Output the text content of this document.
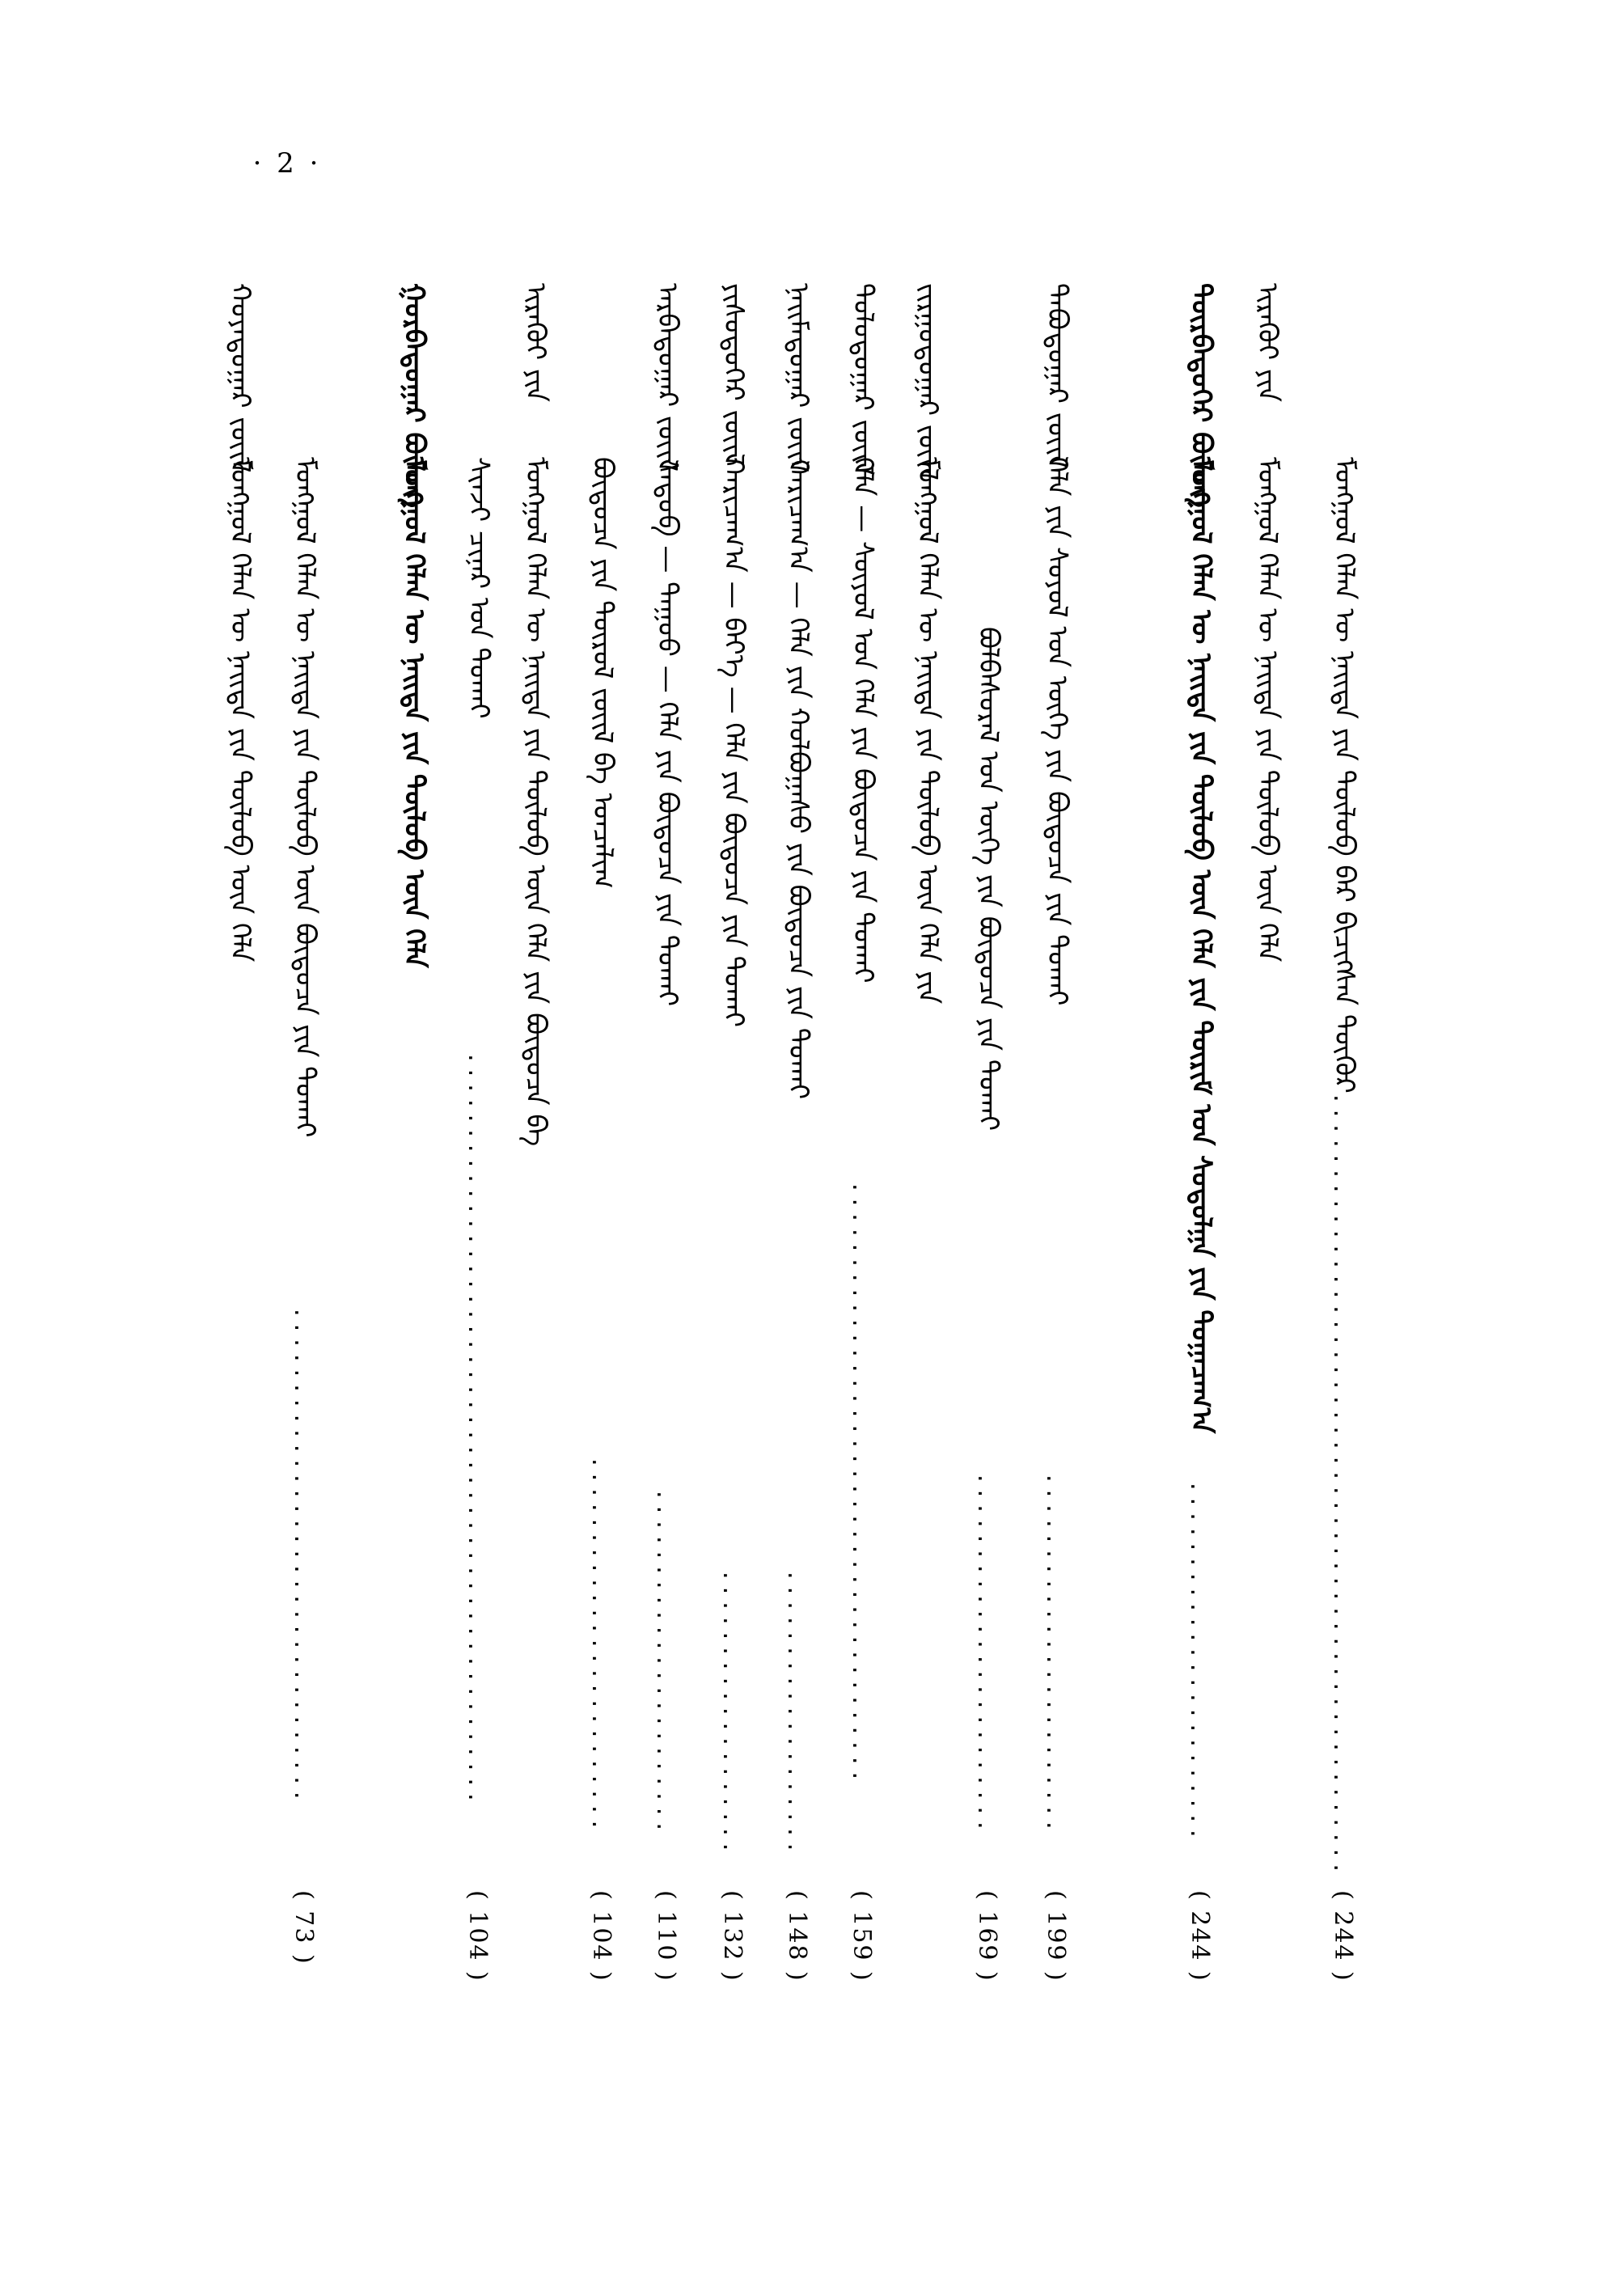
· 2 ·
ᠮᠣᠩᠭᠣᠯ ᠬᠡᠯᠡᠨ ᠦ ᠨᠡᠢᠲᠡ ᠶᠢᠨ ᠲᠥᠯᠥᠪ ᠪᠡᠷ ᠪᠢᠴᠢᠭᠰᠡᠨ ᠳᠦᠭᠦᠷ
....................................................
( 244 )
ᠢᠷᠡᠬᠦᠢ ᠶᠢᠨ
ᠮᠣᠩᠭᠣᠯ ᠬᠡᠯᠡᠨ ᠦ ᠨᠡᠢᠲᠡ ᠶᠢᠨ ᠲᠥᠯᠥᠪ ᠦᠨ ᠬᠡᠯᠡ
ᠳᠥᠷᠪᠡᠳᠦᠭᠡᠷ ᠪᠦᠯᠦᠭ
ᠮᠣᠩᠭᠣᠯ ᠬᠡᠯᠡᠨ ᠦ ᠨᠡᠢᠲᠡ ᠶᠢᠨ ᠲᠥᠯᠥᠪ ᠦᠨ ᠬᠡᠯᠡ ᠶᠢᠨ ᠳᠦᠷᠢᠮ ᠤᠨ ᠰᠤᠳᠤᠯᠭᠠ ᠶᠢᠨ ᠲᠣᠭᠠᠴᠠᠭ᠎ᠠ
........................
( 244 )
ᠲᠠᠪᠤᠳᠤᠭᠠᠷ ᠵᠦᠢᠯ
ᠬᠡᠯᠡ ᠶᠢᠨ ᠰᠣᠶᠣᠯ ᠤᠨ ᠦᠬᠡ ᠶᠢᠨ ᠪᠦᠲᠦᠴᠡ ᠶᠢᠨ ᠲᠤᠬᠠᠢ
........................
( 199 )
ᠪᠣᠯᠪᠠᠰᠤᠷᠠᠯ ᠤᠨ ᠦᠭᠡ ᠶᠢᠨ ᠪᠦᠲᠦᠴᠡ ᠶᠢᠨ ᠲᠤᠬᠠᠢ
........................
( 169 )
ᠵᠢᠷᠭᠤᠳᠤᠭᠠᠷ ᠵᠦᠢᠯ
ᠮᠣᠩᠭᠣᠯ ᠬᠡᠯᠡᠨ ᠦ ᠨᠡᠢᠲᠡ ᠶᠢᠨ ᠲᠥᠯᠥᠪ ᠦᠨ ᠬᠡᠯᠡ ᠶᠢᠨ
ᠳᠣᠯᠣᠳᠤᠭᠠᠷ ᠵᠦᠢᠯ
ᠬᠡᠯᠡ — ᠰᠦᠶᠦᠯ ᠤᠨ ᠬᠡᠯᠡ ᠶᠢᠨ ᠪᠦᠲᠦᠴᠡ ᠶᠢᠨ ᠲᠤᠬᠠᠢ
........................................
( 159 )
ᠨᠠᠢᠮᠠᠳᠤᠭᠠᠷ ᠵᠦᠢᠯ
ᠬᠠᠷᠢᠴᠠᠭ᠎ᠠ — ᠬᠡᠯᠡ ᠶᠢᠨ ᠬᠣᠯᠪᠣᠭᠠᠰᠤ ᠶᠢᠨ ᠪᠦᠲᠦᠴᠡ ᠶᠢᠨ ᠲᠤᠬᠠᠢ
...................
( 148 )
ᠶᠢᠰᠦᠳᠦᠭᠡᠷ ᠵᠦᠢᠯ
ᠬᠠᠷᠢᠴᠠᠭ᠎ᠠ — ᠪᠡᠶ᠎ᠡ — ᠬᠡᠯᠡ ᠶᠢᠨ ᠪᠦᠲᠦᠴᠡ ᠶᠢᠨ ᠲᠤᠬᠠᠢ
...................
( 132 )
ᠠᠷᠪᠠᠳᠤᠭᠠᠷ ᠵᠦᠢᠯ
ᠰᠡᠳᠦᠪ — ᠳᠠᠭᠤᠤ — ᠬᠡᠯᠡ ᠶᠢᠨ ᠪᠦᠲᠦᠴᠡ ᠶᠢᠨ ᠲᠤᠬᠠᠢ
.......................
( 110 )
ᠪᠦᠲᠦᠴᠡ ᠶᠢᠨ ᠲᠥᠷᠥᠯ ᠵᠦᠢᠯ ᠪᠠ ᠣᠨᠴᠠᠯᠢᠭ
.........................
( 104 )
ᠢᠷᠡᠬᠦᠢ ᠶᠢᠨ
ᠮᠣᠩᠭᠣᠯ ᠬᠡᠯᠡᠨ ᠦ ᠨᠡᠢᠲᠡ ᠶᠢᠨ ᠲᠥᠯᠥᠪ ᠦᠨ ᠬᠡᠯᠡ ᠶᠢᠨ ᠪᠦᠲᠦᠴᠡ ᠪᠠ
ᠰᠢᠨᠵᠢ ᠴᠢᠨᠠᠷ ᠤᠨ ᠲᠤᠬᠠᠢ
..................................................
( 104 )
ᠭᠤᠷᠪᠠᠳᠤᠭᠠᠷ ᠪᠦᠯᠦᠭ
ᠮᠣᠩᠭᠣᠯ ᠬᠡᠯᠡᠨ ᠦ ᠨᠡᠢᠲᠡ ᠶᠢᠨ ᠲᠥᠯᠥᠪ ᠦᠨ ᠬᠡᠯᠡ
ᠮᠣᠩᠭᠣᠯ ᠬᠡᠯᠡᠨ ᠦ ᠨᠡᠢᠲᠡ ᠶᠢᠨ ᠲᠥᠯᠥᠪ ᠦᠨ ᠪᠦᠲᠦᠴᠡ ᠶᠢᠨ ᠲᠤᠬᠠᠢ
.................................
( 73 )
ᠬᠣᠶᠠᠳᠤᠭᠠᠷ ᠵᠦᠢᠯ
ᠮᠣᠩᠭᠣᠯ ᠬᠡᠯᠡᠨ ᠦ ᠨᠡᠢᠲᠡ ᠶᠢᠨ ᠲᠥᠯᠥᠪ ᠦᠨ ᠬᠡᠯᠡ
